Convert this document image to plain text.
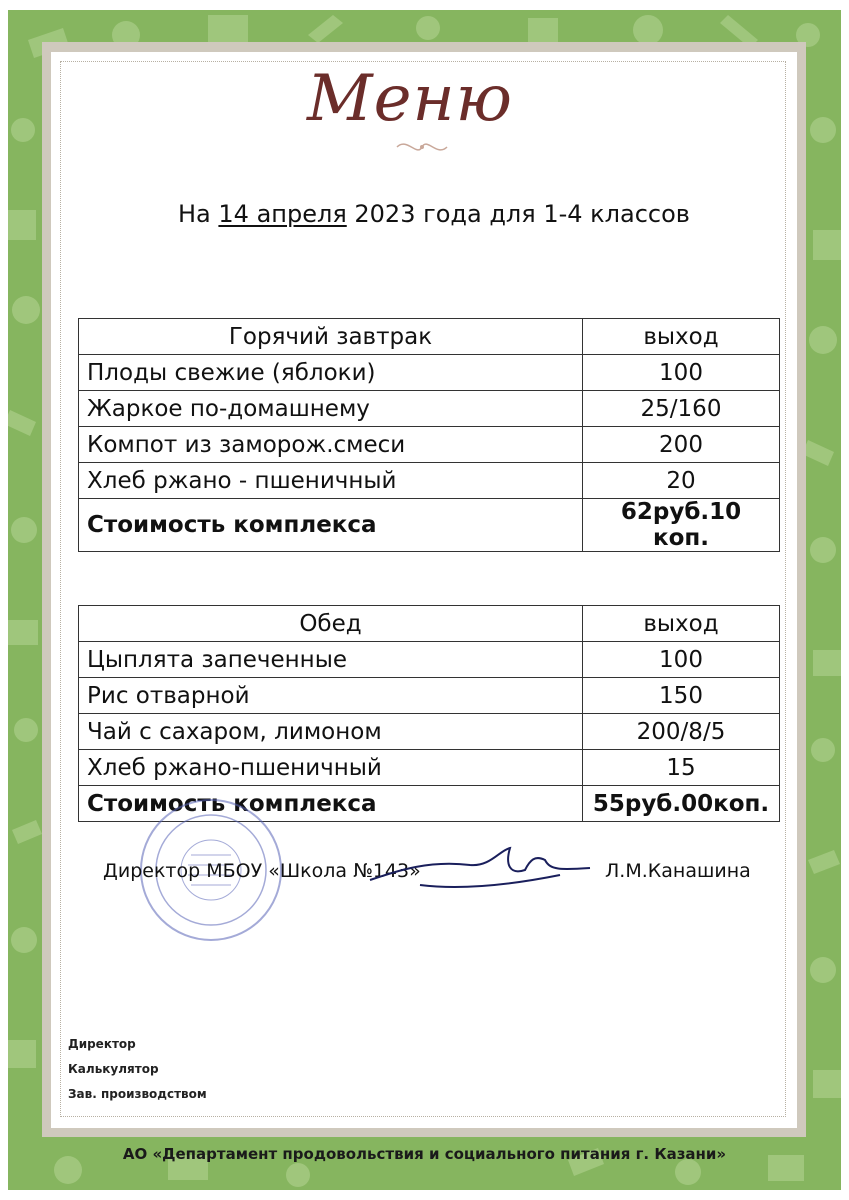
Меню
На 14 апреля 2023 года для 1-4 классов
Горячий завтрак	выход
Плоды свежие (яблоки)	100
Жаркое по-домашнему	25/160
Компот из заморож.смеси	200
Хлеб ржано - пшеничный	20
Стоимость комплекса	62руб.10 коп.
Обед	выход
Цыплята запеченные	100
Рис отварной	150
Чай с сахаром, лимоном	200/8/5
Хлеб ржано-пшеничный	15
Стоимость комплекса	55руб.00коп.
Директор МБОУ «Школа №143»	Л.М.Канашина
Директор
Калькулятор
Зав. производством
АО «Департамент продовольствия и социального питания г. Казани»
